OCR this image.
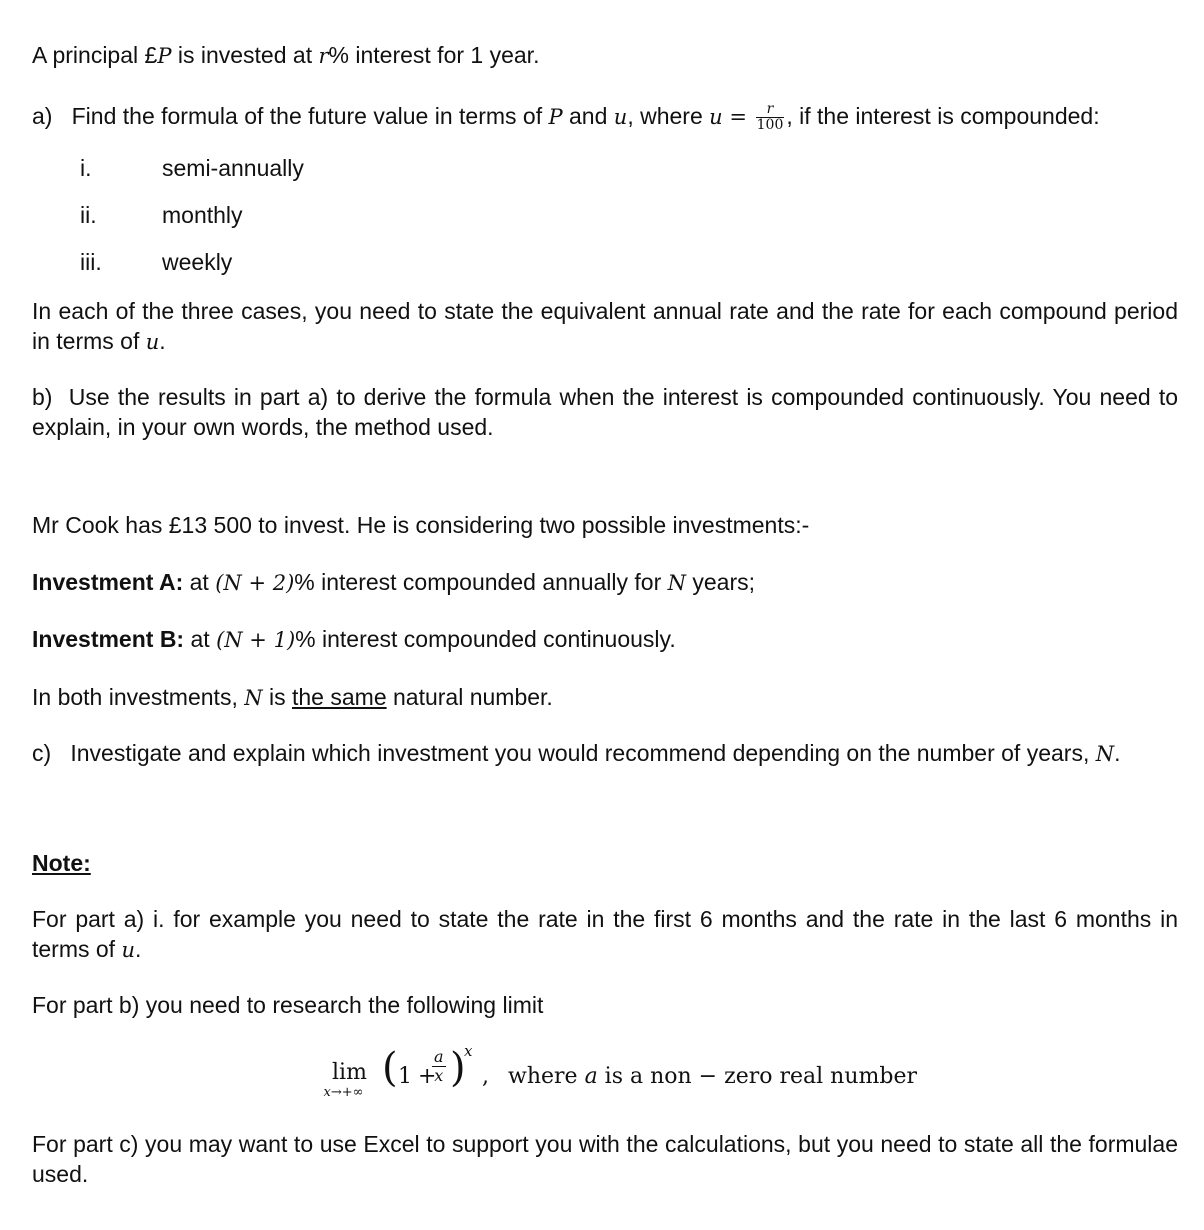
A principal £P is invested at r% interest for 1 year.
a) Find the formula of the future value in terms of P and u, where $u = \frac{r}{100}$ , if the interest is compounded:
i.	semi-annually
ii.	monthly
iii.	weekly
In each of the three cases, you need to state the equivalent annual rate and the rate for each compound period in terms of u.
b) Use the results in part a) to derive the formula when the interest is compounded continuously. You need to explain, in your own words, the method used.
Mr Cook has £13 500 to invest. He is considering two possible investments:-
Investment A: at (N + 2)% interest compounded annually for N years;
Investment B: at (N + 1)% interest compounded continuously.
In both investments, N is the same natural number.
c) Investigate and explain which investment you would recommend depending on the number of years, N.
Note:
For part a) i. for example you need to state the rate in the first 6 months and the rate in the last 6 months in terms of u.
For part b) you need to research the following limit
lim
x→+∞
( 1 +
$\frac{a}{x}$ )
x
, where a is a non − zero real number
For part c) you may want to use Excel to support you with the calculations, but you need to state all the formulae used.
